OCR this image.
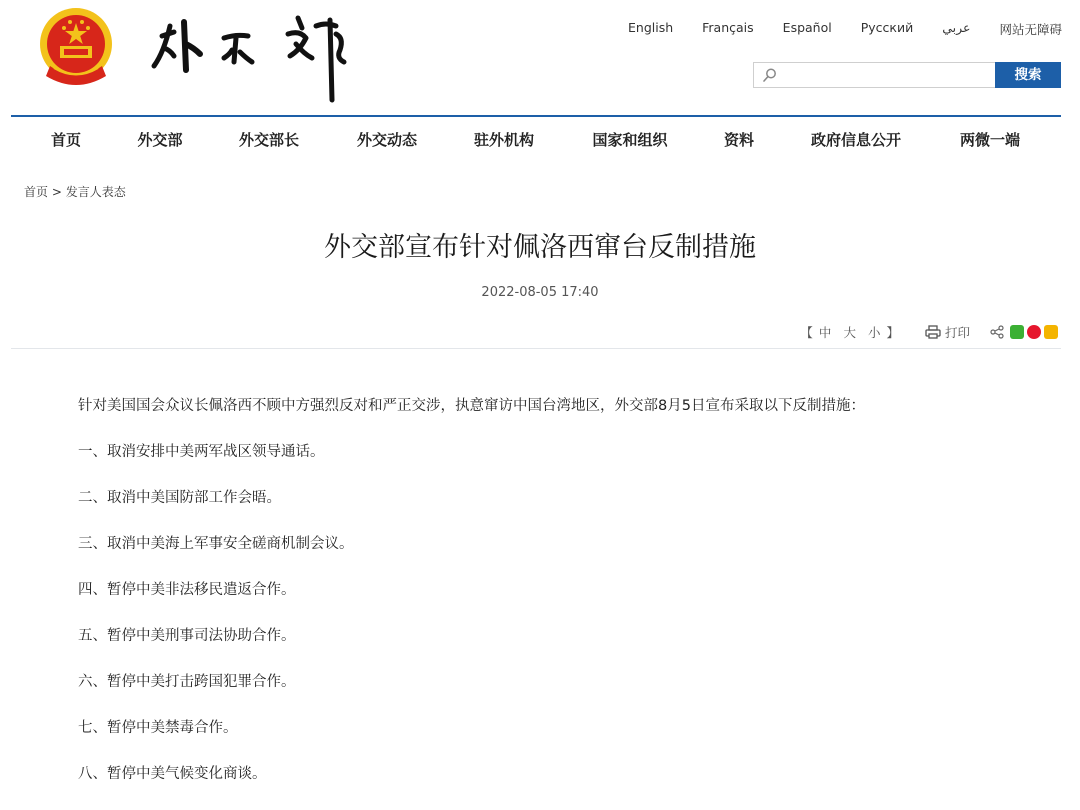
English Français Español Русский عربي 网站无障碍
搜索
首页	外交部	外交部长	外交动态	驻外机构	国家和组织	资料	政府信息公开	两微一端
首页 > 发言人表态
外交部宣布针对佩洛西窜台反制措施
2022-08-05 17:40
【 中 大 小 】	打印
针对美国国会众议长佩洛西不顾中方强烈反对和严正交涉，执意窜访中国台湾地区，外交部8月5日宣布采取以下反制措施：
一、取消安排中美两军战区领导通话。
二、取消中美国防部工作会晤。
三、取消中美海上军事安全磋商机制会议。
四、暂停中美非法移民遣返合作。
五、暂停中美刑事司法协助合作。
六、暂停中美打击跨国犯罪合作。
七、暂停中美禁毒合作。
八、暂停中美气候变化商谈。
